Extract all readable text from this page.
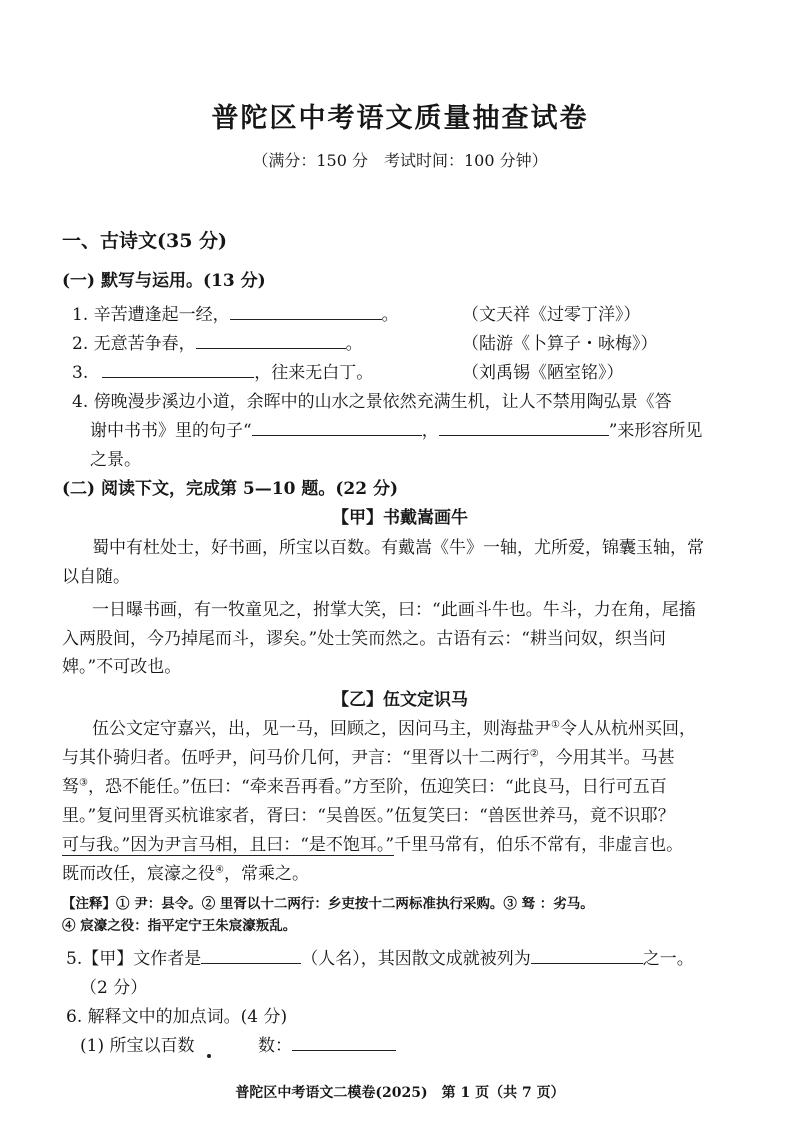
普陀区中考语文质量抽查试卷
（满分：150 分　考试时间：100 分钟）
一、古诗文(35 分)
(一) 默写与运用。(13 分)
1. 辛苦遭逢起一经，	。	（文天祥《过零丁洋》）
2. 无意苦争春，	。	（陆游《卜算子・咏梅》）
3.	，往来无白丁。	（刘禹锡《陋室铭》）
4. 傍晚漫步溪边小道，余晖中的山水之景依然充满生机，让人不禁用陶弘景《答
谢中书书》里的句子“	，	”来形容所见
之景。
(二) 阅读下文，完成第 5—10 题。(22 分)
【甲】书戴嵩画牛
蜀中有杜处士，好书画，所宝以百数。有戴嵩《牛》一轴，尤所爱，锦囊玉轴，常
以自随。
一日曝书画，有一牧童见之，拊掌大笑，曰：“此画斗牛也。牛斗，力在角，尾搐
入两股间，今乃掉尾而斗，谬矣。”处士笑而然之。古语有云：“耕当问奴，织当问
婢。”不可改也。
【乙】伍文定识马
伍公文定守嘉兴，出，见一马，回顾之，因问马主，则海盐尹①令人从杭州买回，
与其仆骑归者。伍呼尹，问马价几何，尹言：“里胥以十二两行②，今用其半。马甚
驽③，恐不能任。”伍曰：“牵来吾再看。”方至阶，伍迎笑曰：“此良马，日行可五百
里。”复问里胥买杭谁家者，胥曰：“吴兽医。”伍复笑曰：“兽医世养马，竟不识耶？
可与我。”因为尹言马相，且曰：“是不饱耳。”千里马常有，伯乐不常有，非虚言也。
既而改任，宸濠之役④，常乘之。
【注释】① 尹：县令。② 里胥以十二两行：乡吏按十二两标准执行采购。③ 驽 ：劣马。
④ 宸濠之役：指平定宁王朱宸濠叛乱。
5.【甲】文作者是	（人名），其因散文成就被列为	之一。
（2 分）
6. 解释文中的加点词。(4 分)
(1) 所宝以百数	数：
普陀区中考语文二模卷(2025)　第 1 页（共 7 页）
